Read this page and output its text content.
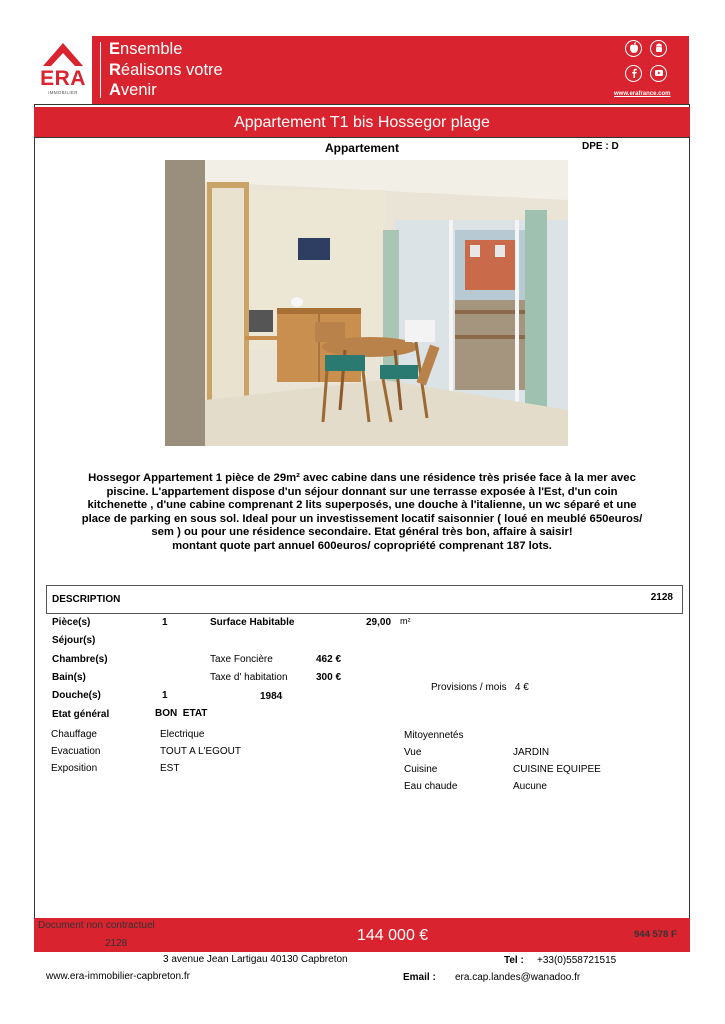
ERA
IMMOBILIER
Ensemble
Réalisons votre
Avenir	www.erafrance.com
Appartement T1 bis Hossegor plage
Appartement	DPE : D
Hossegor Appartement 1 pièce de 29m² avec cabine dans une résidence très prisée face à la mer avec
piscine. L'appartement dispose d'un séjour donnant sur une terrasse exposée à l'Est, d'un coin
kitchenette , d'une cabine comprenant 2 lits superposés, une douche à l'italienne, un wc séparé et une
place de parking en sous sol. Ideal pour un investissement locatif saisonnier ( loué en meublé 650euros/
sem ) ou pour une résidence secondaire. Etat général très bon, affaire à saisir!
montant quote part annuel 600euros/ copropriété comprenant 187 lots.
DESCRIPTION	2128
Pièce(s)	1	Surface Habitable	29,00 m²
Séjour(s)
Chambre(s)	Taxe Foncière	462 €
Bain(s)	Taxe d' habitation	300 €
Provisions / mois   4 €
Douche(s)	1	1984
Etat général	BON  ETAT
Chauffage	Electrique	Mitoyennetés
Evacuation	TOUT A L'EGOUT	Vue	JARDIN
Exposition	EST	Cuisine	CUISINE EQUIPEE
Eau chaude	Aucune
Document non contractuel
2128	144 000 €	944 578 F
3 avenue Jean Lartigau 40130 Capbreton	Tel : +33(0)558721515
www.era-immobilier-capbreton.fr	Email : era.cap.landes@wanadoo.fr
